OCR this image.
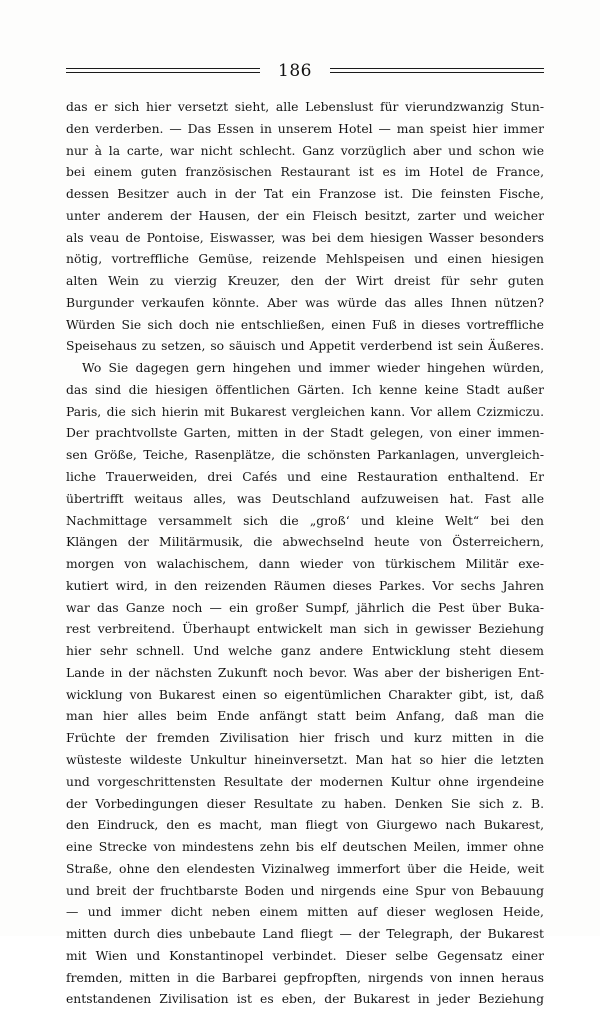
186
das er sich hier versetzt sieht, alle Lebenslust für vierundzwanzig Stun-
den verderben. — Das Essen in unserem Hotel — man speist hier immer
nur à la carte, war nicht schlecht. Ganz vorzüglich aber und schon wie
bei einem guten französischen Restaurant ist es im Hotel de France,
dessen Besitzer auch in der Tat ein Franzose ist. Die feinsten Fische,
unter anderem der Hausen, der ein Fleisch besitzt, zarter und weicher
als veau de Pontoise, Eiswasser, was bei dem hiesigen Wasser besonders
nötig, vortreffliche Gemüse, reizende Mehlspeisen und einen hiesigen
alten Wein zu vierzig Kreuzer, den der Wirt dreist für sehr guten
Burgunder verkaufen könnte. Aber was würde das alles Ihnen nützen?
Würden Sie sich doch nie entschließen, einen Fuß in dieses vortreffliche
Speisehaus zu setzen, so säuisch und Appetit verderbend ist sein Äußeres.
Wo Sie dagegen gern hingehen und immer wieder hingehen würden,
das sind die hiesigen öffentlichen Gärten. Ich kenne keine Stadt außer
Paris, die sich hierin mit Bukarest vergleichen kann. Vor allem Czizmiczu.
Der prachtvollste Garten, mitten in der Stadt gelegen, von einer immen-
sen Größe, Teiche, Rasenplätze, die schönsten Parkanlagen, unvergleich-
liche Trauerweiden, drei Cafés und eine Restauration enthaltend. Er
übertrifft weitaus alles, was Deutschland aufzuweisen hat. Fast alle
Nachmittage versammelt sich die „groß‘ und kleine Welt“ bei den
Klängen der Militärmusik, die abwechselnd heute von Österreichern,
morgen von walachischem, dann wieder von türkischem Militär exe-
kutiert wird, in den reizenden Räumen dieses Parkes. Vor sechs Jahren
war das Ganze noch — ein großer Sumpf, jährlich die Pest über Buka-
rest verbreitend. Überhaupt entwickelt man sich in gewisser Beziehung
hier sehr schnell. Und welche ganz andere Entwicklung steht diesem
Lande in der nächsten Zukunft noch bevor. Was aber der bisherigen Ent-
wicklung von Bukarest einen so eigentümlichen Charakter gibt, ist, daß
man hier alles beim Ende anfängt statt beim Anfang, daß man die
Früchte der fremden Zivilisation hier frisch und kurz mitten in die
wüsteste wildeste Unkultur hineinversetzt. Man hat so hier die letzten
und vorgeschrittensten Resultate der modernen Kultur ohne irgendeine
der Vorbedingungen dieser Resultate zu haben. Denken Sie sich z. B.
den Eindruck, den es macht, man fliegt von Giurgewo nach Bukarest,
eine Strecke von mindestens zehn bis elf deutschen Meilen, immer ohne
Straße, ohne den elendesten Vizinalweg immerfort über die Heide, weit
und breit der fruchtbarste Boden und nirgends eine Spur von Bebauung
— und immer dicht neben einem mitten auf dieser weglosen Heide,
mitten durch dies unbebaute Land fliegt — der Telegraph, der Bukarest
mit Wien und Konstantinopel verbindet. Dieser selbe Gegensatz einer
fremden, mitten in die Barbarei gepfropften, nirgends von innen heraus
entstandenen Zivilisation ist es eben, der Bukarest in jeder Beziehung
